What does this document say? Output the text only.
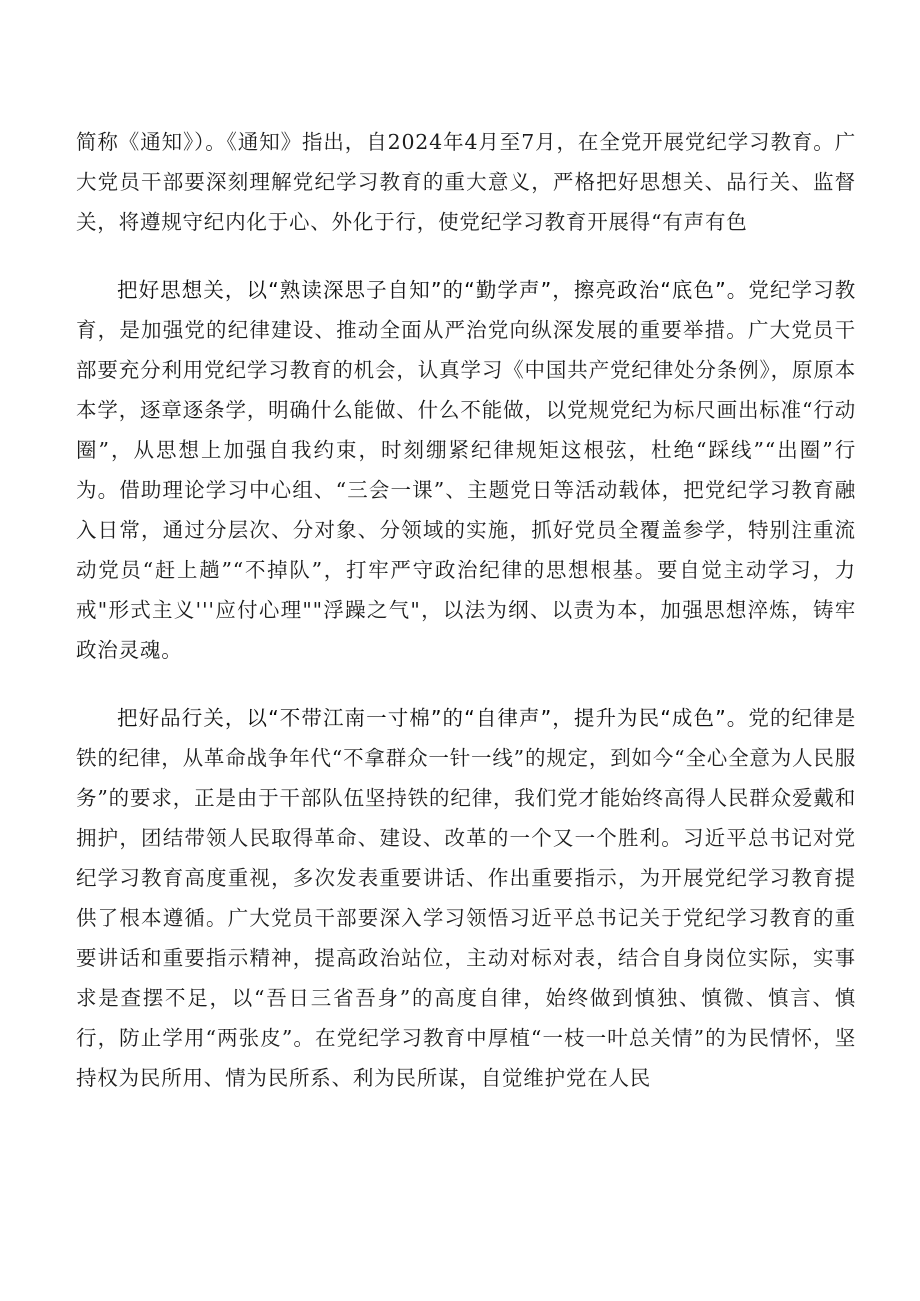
简称《通知》）。《通知》指出，自2024年4月至7月，在全党开展党纪学习教育。广大党员干部要深刻理解党纪学习教育的重大意义，严格把好思想关、品行关、监督关，将遵规守纪内化于心、外化于行，使党纪学习教育开展得“有声有色

把好思想关，以“熟读深思子自知”的“勤学声”，擦亮政治“底色”。党纪学习教育，是加强党的纪律建设、推动全面从严治党向纵深发展的重要举措。广大党员干部要充分利用党纪学习教育的机会，认真学习《中国共产党纪律处分条例》，原原本本学，逐章逐条学，明确什么能做、什么不能做，以党规党纪为标尺画出标准“行动圈”，从思想上加强自我约束，时刻绷紧纪律规矩这根弦，杜绝“踩线”“出圈”行为。借助理论学习中心组、“三会一课”、主题党日等活动载体，把党纪学习教育融入日常，通过分层次、分对象、分领域的实施，抓好党员全覆盖参学，特别注重流动党员“赶上趟”“不掉队”，打牢严守政治纪律的思想根基。要自觉主动学习，力戒"形式主义'''应付心理""浮躁之气"，以法为纲、以责为本，加强思想淬炼，铸牢政治灵魂。

把好品行关，以“不带江南一寸棉”的“自律声”，提升为民“成色”。党的纪律是铁的纪律，从革命战争年代“不拿群众一针一线”的规定，到如今“全心全意为人民服务”的要求，正是由于干部队伍坚持铁的纪律，我们党才能始终高得人民群众爱戴和拥护，团结带领人民取得革命、建设、改革的一个又一个胜利。习近平总书记对党纪学习教育高度重视，多次发表重要讲话、作出重要指示，为开展党纪学习教育提供了根本遵循。广大党员干部要深入学习领悟习近平总书记关于党纪学习教育的重要讲话和重要指示精神，提高政治站位，主动对标对表，结合自身岗位实际，实事求是查摆不足，以“吾日三省吾身”的高度自律，始终做到慎独、慎微、慎言、慎行，防止学用“两张皮”。在党纪学习教育中厚植“一枝一叶总关情”的为民情怀，坚持权为民所用、情为民所系、利为民所谋，自觉维护党在人民
